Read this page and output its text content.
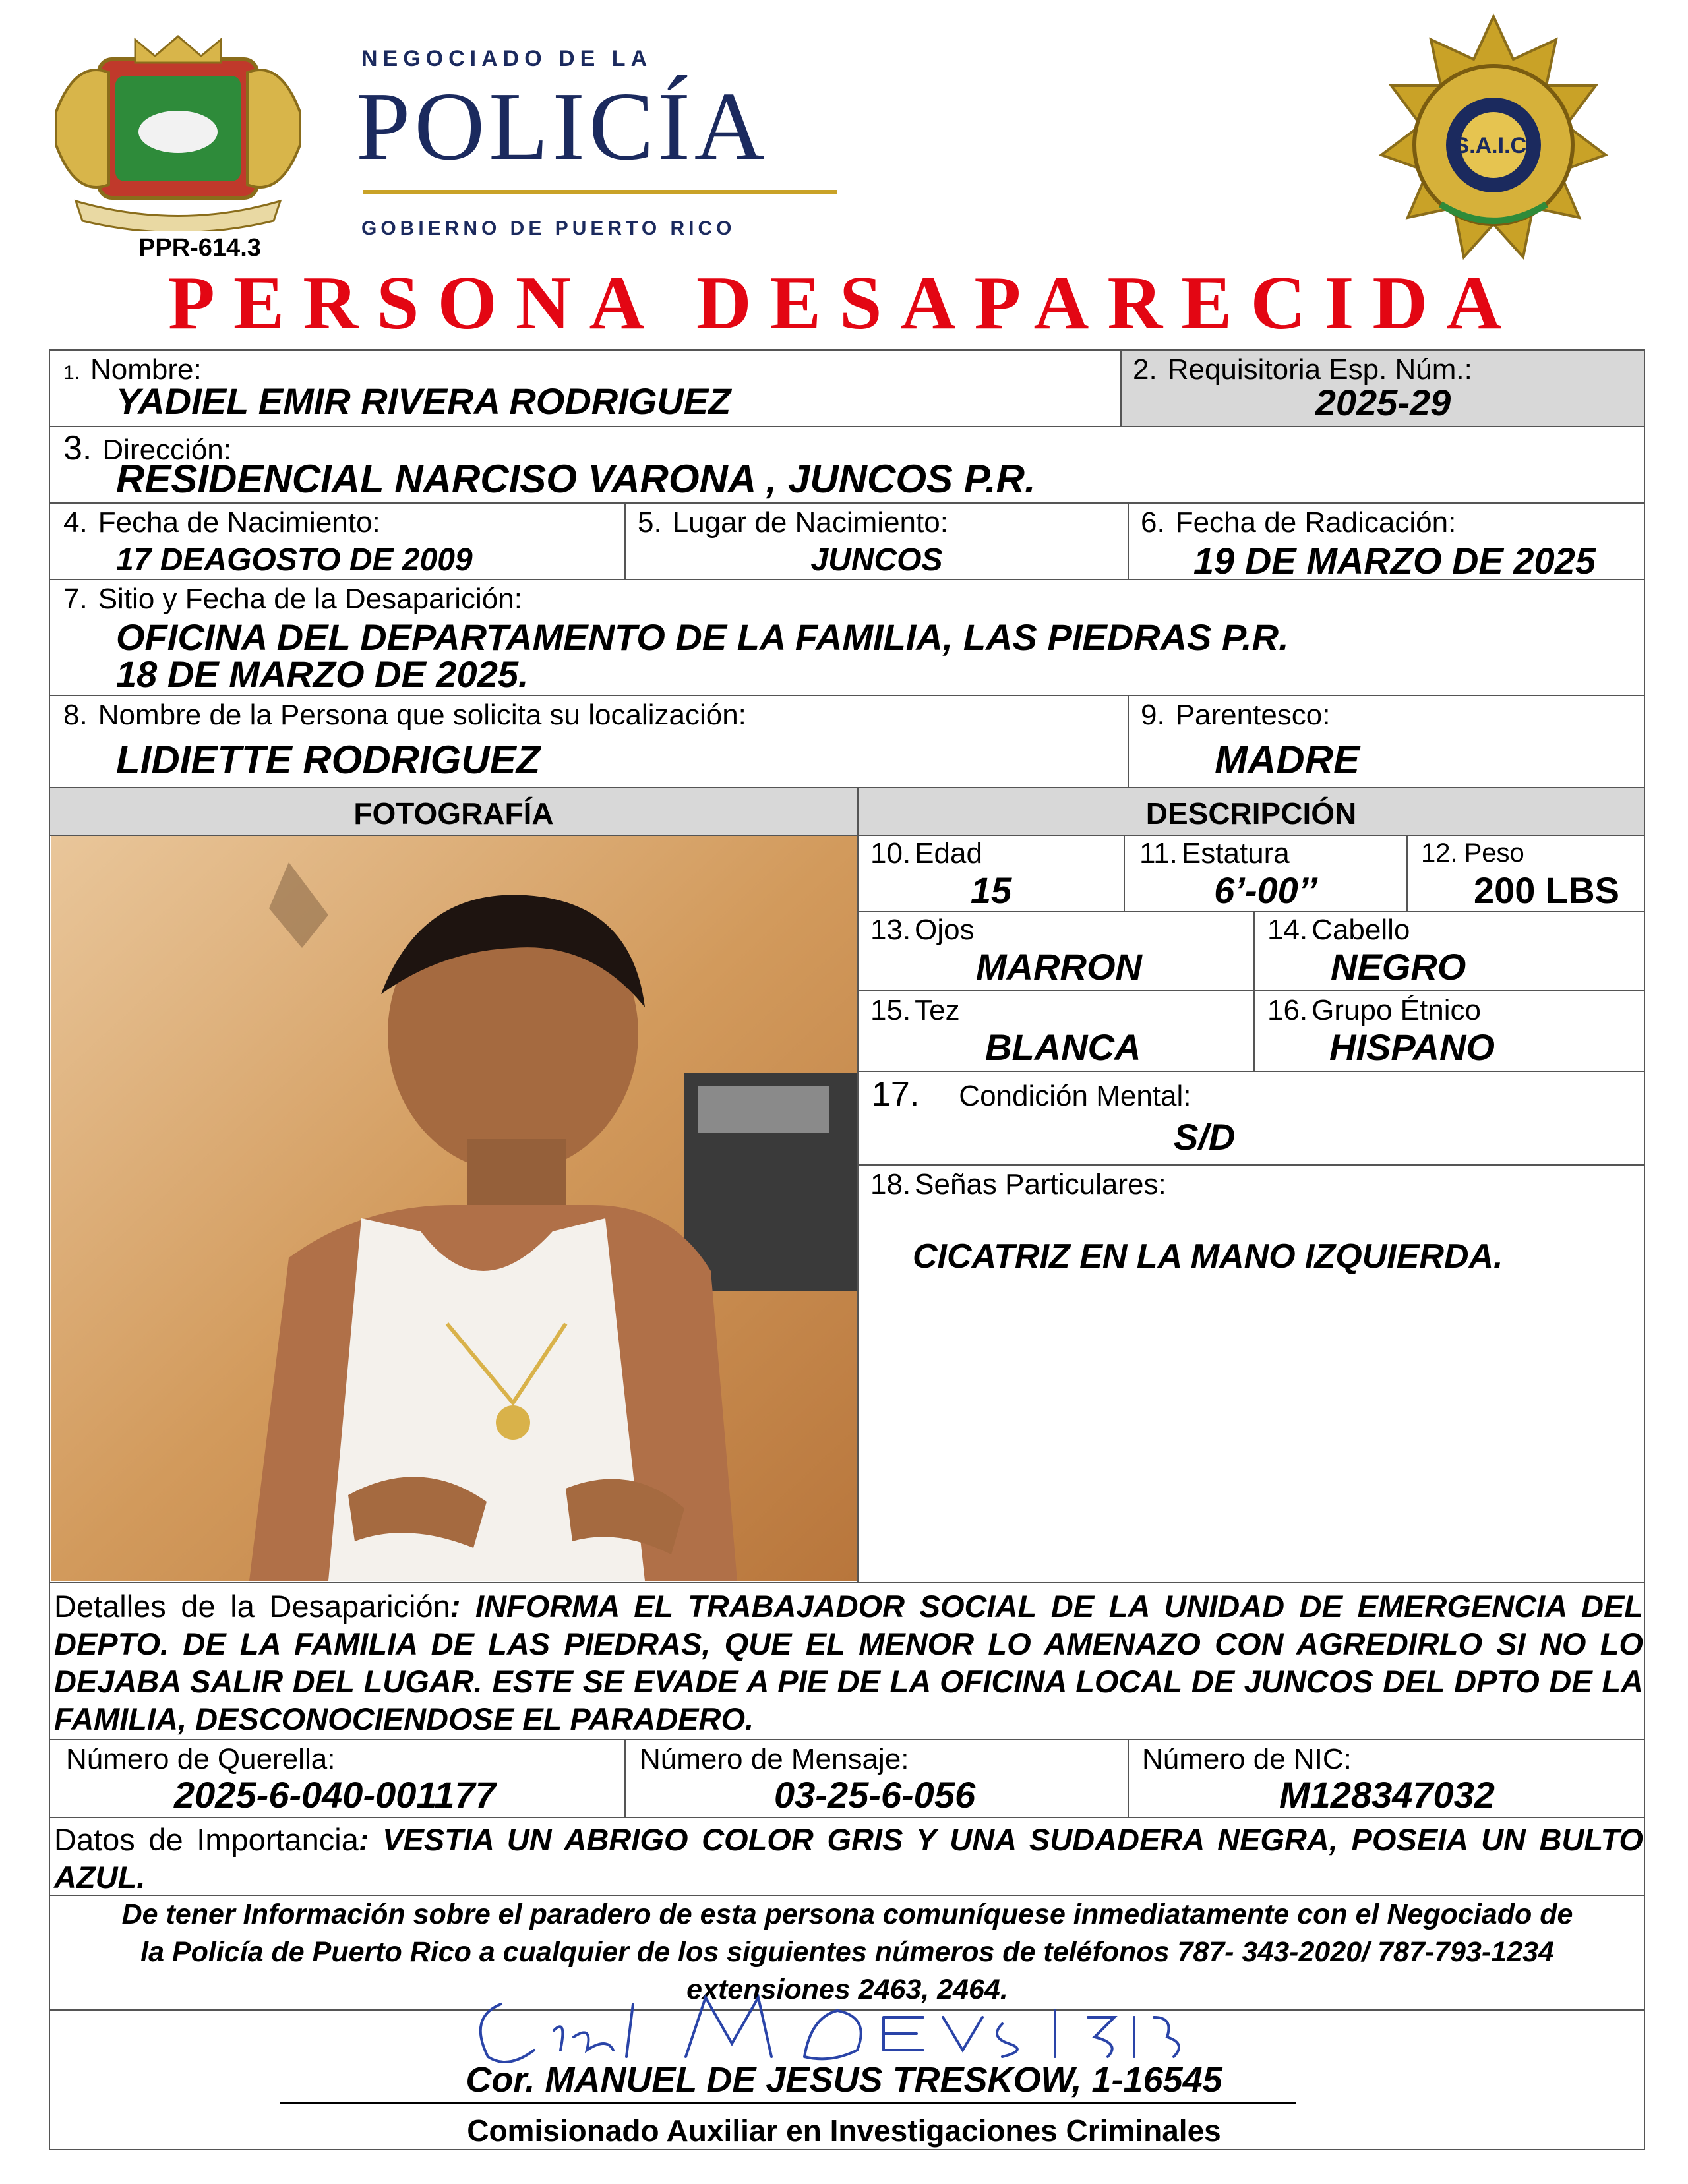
PPR-614.3
NEGOCIADO DE LA
POLICÍA
GOBIERNO DE PUERTO RICO
S.A.I.C.
PERSONA DESAPARECIDA
1. Nombre:
YADIEL EMIR RIVERA RODRIGUEZ
2. Requisitoria Esp. Núm.:
2025-29
3. Dirección:
RESIDENCIAL NARCISO VARONA , JUNCOS P.R.
4. Fecha de Nacimiento:
17 DEAGOSTO DE 2009
5. Lugar de Nacimiento:
JUNCOS
6. Fecha de Radicación:
19 DE MARZO DE 2025
7. Sitio y Fecha de la Desaparición:
OFICINA DEL DEPARTAMENTO DE LA FAMILIA, LAS PIEDRAS P.R.
18 DE MARZO DE 2025.
8. Nombre de la Persona que solicita su localización:
LIDIETTE RODRIGUEZ
9. Parentesco:
MADRE
FOTOGRAFÍA	DESCRIPCIÓN
10. Edad
15
11. Estatura
6’-00’’
12. Peso
200 LBS
13. Ojos
MARRON
14. Cabello
NEGRO
15. Tez
BLANCA
16. Grupo Étnico
HISPANO
17. Condición Mental:
S/D
18. Señas Particulares:
CICATRIZ EN LA MANO IZQUIERDA.
Detalles de la Desaparición: INFORMA EL TRABAJADOR SOCIAL DE LA UNIDAD DE EMERGENCIA DEL DEPTO. DE LA FAMILIA DE LAS PIEDRAS, QUE EL MENOR LO AMENAZO CON AGREDIRLO SI NO LO DEJABA SALIR DEL LUGAR. ESTE SE EVADE A PIE DE LA OFICINA LOCAL DE JUNCOS DEL DPTO DE LA FAMILIA, DESCONOCIENDOSE EL PARADERO.
Número de Querella:
2025-6-040-001177
Número de Mensaje:
03-25-6-056
Número de NIC:
M128347032
Datos de Importancia: VESTIA UN ABRIGO COLOR GRIS Y UNA SUDADERA NEGRA, POSEIA UN BULTO AZUL.
De tener Información sobre el paradero de esta persona comuníquese inmediatamente con el Negociado de
la Policía de Puerto Rico a cualquier de los siguientes números de teléfonos 787- 343-2020/ 787-793-1234
extensiones 2463, 2464.
Cor. MANUEL DE JESUS TRESKOW, 1-16545
Comisionado Auxiliar en Investigaciones Criminales
